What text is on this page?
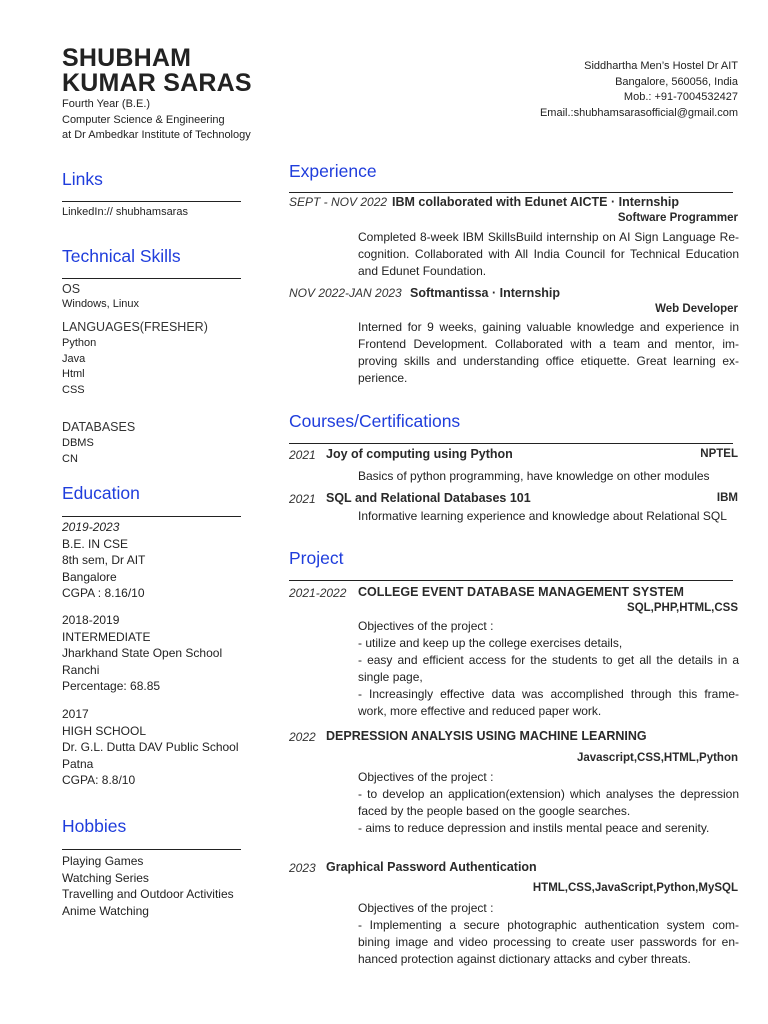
SHUBHAM
KUMAR SARAS
Fourth Year (B.E.)
Computer Science & Engineering
at Dr Ambedkar Institute of Technology
Siddhartha Men’s Hostel Dr AIT
Bangalore, 560056, India
Mob.: +91-7004532427
Email.:shubhamsarasofficial@gmail.com
Links
LinkedIn:// shubhamsaras
Technical Skills
OS
Windows, Linux
LANGUAGES(FRESHER)
Python
Java
Html
CSS
DATABASES
DBMS
CN
Education
2019-2023
B.E. IN CSE
8th sem, Dr AIT
Bangalore
CGPA : 8.16/10
2018-2019
INTERMEDIATE
Jharkhand State Open School
Ranchi
Percentage: 68.85
2017
HIGH SCHOOL
Dr. G.L. Dutta DAV Public School
Patna
CGPA: 8.8/10
Hobbies
Playing Games
Watching Series
Travelling and Outdoor Activities
Anime Watching
Experience
SEPT - NOV 2022 IBM collaborated with Edunet AICTE · Internship
Software Programmer
Completed 8-week IBM SkillsBuild internship on AI Sign Language Re-
cognition. Collaborated with All India Council for Technical Education
and Edunet Foundation.
NOV 2022-JAN 2023 Softmantissa · Internship
Web Developer
Interned for 9 weeks, gaining valuable knowledge and experience in
Frontend Development. Collaborated with a team and mentor, im-
proving skills and understanding office etiquette. Great learning ex-
perience.
Courses/Certifications
2021 Joy of computing using Python	NPTEL
Basics of python programming, have knowledge on other modules
2021 SQL and Relational Databases 101	IBM
Informative learning experience and knowledge about Relational SQL
Project
2021-2022 COLLEGE EVENT DATABASE MANAGEMENT SYSTEM
SQL,PHP,HTML,CSS
Objectives of the project :
- utilize and keep up the college exercises details,
- easy and efficient access for the students to get all the details in a
single page,
- Increasingly effective data was accomplished through this frame-
work, more effective and reduced paper work.
2022 DEPRESSION ANALYSIS USING MACHINE LEARNING
Javascript,CSS,HTML,Python
Objectives of the project :
- to develop an application(extension) which analyses the depression
faced by the people based on the google searches.
- aims to reduce depression and instils mental peace and serenity.
2023 Graphical Password Authentication
HTML,CSS,JavaScript,Python,MySQL
Objectives of the project :
- Implementing a secure photographic authentication system com-
bining image and video processing to create user passwords for en-
hanced protection against dictionary attacks and cyber threats.
